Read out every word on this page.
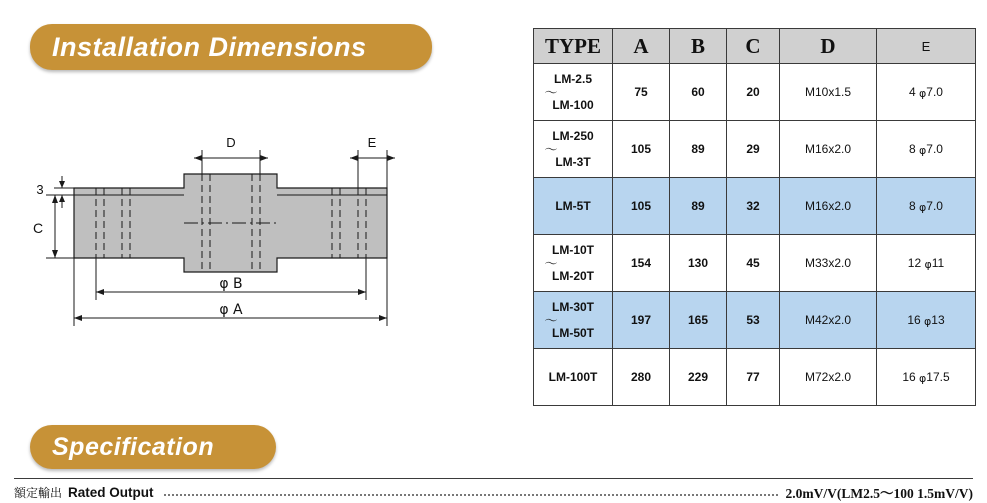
Installation Dimensions
D	E
3
C
φ B
φ A
Specification
TYPE	A	B	C	D	E
LM-2.5
～
LM-100	75	60	20	M10x1.5	4 φ7.0
LM-250
～
LM-3T	105	89	29	M16x2.0	8 φ7.0
LM-5T	105	89	32	M16x2.0	8 φ7.0
LM-10T
～
LM-20T	154	130	45	M33x2.0	12 φ11
LM-30T
～
LM-50T	197	165	53	M42x2.0	16 φ13
LM-100T	280	229	77	M72x2.0	16 φ17.5
額定輸出 Rated Output	2.0mV/V(LM2.5～100 1.5mV/V)
